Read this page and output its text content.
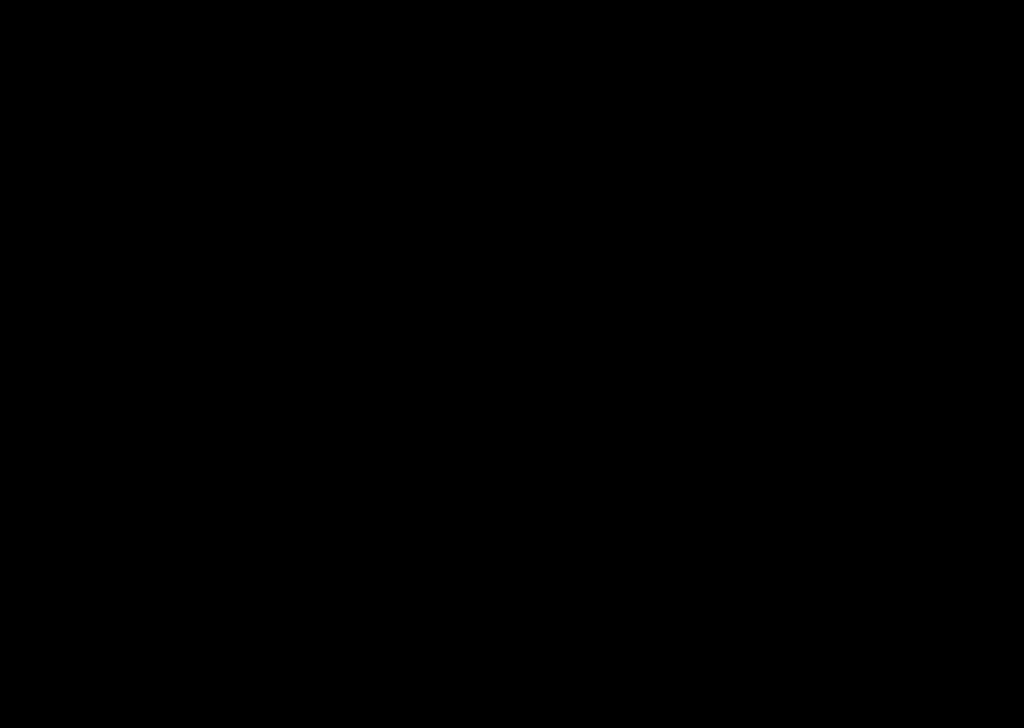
STOWARZYSZENIE MANKO, UL. SIARCZKI 16, 30-698 KRAKÓW
RACHUNEK WYNIKÓW na dzień 31-12-2017 r.
Pozycja	Wyszczególnienie	Kwota za rok poprzedni	Kwota za rok obrotowy
		2016	2017
1	2	3	4
A	Przychody podstawowej działalności operacyjnej i zrównane z nimi, w tym zm	386 711,09 zł	4 521 020,70 zł
B	Koszty podstawowej działalności operacyjnej:	362 551,81 zł	4 462 548,71 zł
I	Amortyzacja	zł	zł
II	Zużycie materiałów i energii	- zł	zł
III	Wynagrodzenia i ubezpieczenia społeczne i inne świadczenia	101 153,00 zł	221 332,00 zł
IV	Pozostałe koszty	zł	zł
C	Pozostałe przychody i zyski, w tym aktualizacja wartości aktywów	zł	- zł
D	Pozostałe koszty i straty, w tym aktualizacja wartości aktywów	zł	zł
E	Podatek dochodowy	zł	zł

F	Wynik finansowy netto ogółem (A-B+C-D-E), w tym:	24 159,28 zł	58 471,99 zł
I	Nadwyżka przychodów nad kosztami (wartość dodatnia)	24 159,28 zł	58 471,99 zł
II	Nadwyżka kosztów nad przychodami (wartość ujemna)	zł	- zł
